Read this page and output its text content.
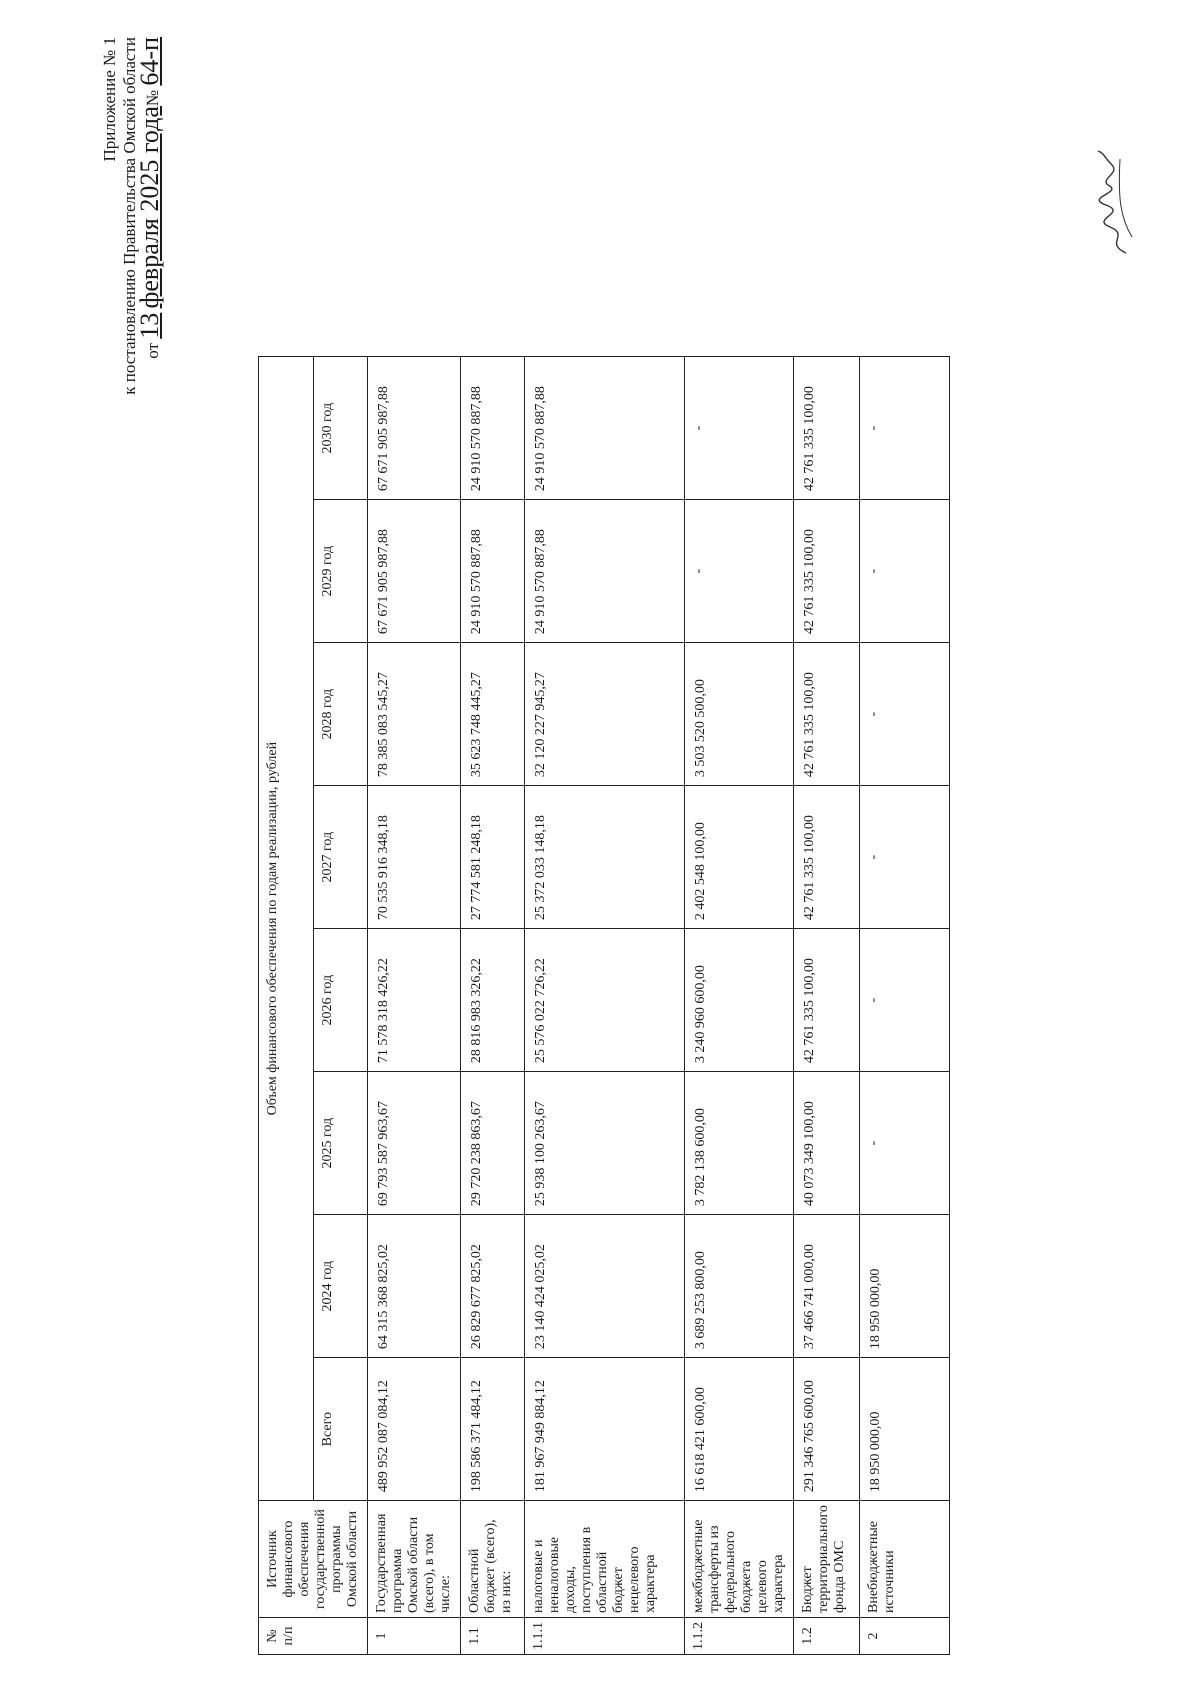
Приложение № 1 к постановлению Правительства Омской области от 13 февраля 2025 года№ 64-п
№ п/п	Источник финансового обеспечения государственной программы Омской области	Объем финансового обеспечения по годам реализации, рублей							
		Всего	2024 год	2025 год	2026 год	2027 год	2028 год	2029 год	2030 год
1	Государственная программа Омской области (всего), в том числе:	489 952 087 084,12	64 315 368 825,02	69 793 587 963,67	71 578 318 426,22	70 535 916 348,18	78 385 083 545,27	67 671 905 987,88	67 671 905 987,88
1.1	Областной бюджет (всего), из них:	198 586 371 484,12	26 829 677 825,02	29 720 238 863,67	28 816 983 326,22	27 774 581 248,18	35 623 748 445,27	24 910 570 887,88	24 910 570 887,88
1.1.1	налоговые и неналоговые доходы, поступления в областной бюджет нецелевого характера	181 967 949 884,12	23 140 424 025,02	25 938 100 263,67	25 576 022 726,22	25 372 033 148,18	32 120 227 945,27	24 910 570 887,88	24 910 570 887,88
1.1.2	межбюджетные трансферты из федерального бюджета целевого характера	16 618 421 600,00	3 689 253 800,00	3 782 138 600,00	3 240 960 600,00	2 402 548 100,00	3 503 520 500,00	-	-
1.2	Бюджет территориального фонда ОМС	291 346 765 600,00	37 466 741 000,00	40 073 349 100,00	42 761 335 100,00	42 761 335 100,00	42 761 335 100,00	42 761 335 100,00	42 761 335 100,00
2	Внебюджетные источники	18 950 000,00	18 950 000,00	-	-	-	-	-	-
